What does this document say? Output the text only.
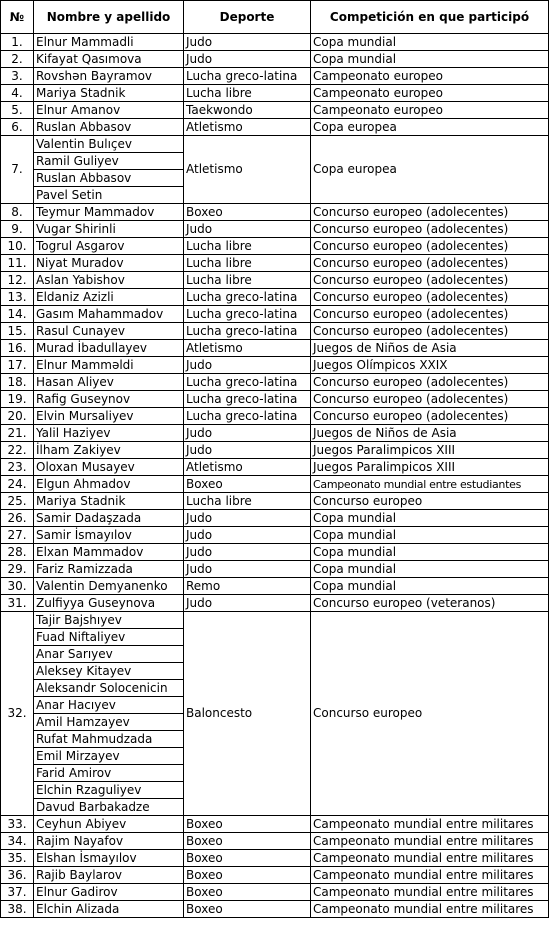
№	Nombre y apellido	Deporte	Competición en que participó
1.	Elnur Mammadli	Judo	Copa mundial
2.	Kifayat Qasımova	Judo	Copa mundial
3.	Rovshən Bayramov	Lucha greco-latina	Campeonato europeo
4.	Mariya Stadnik	Lucha libre	Campeonato europeo
5.	Elnur Amanov	Taekwondo	Campeonato europeo
6.	Ruslan Abbasov	Atletismo	Copa europea
7.	Valentin Bulıçev	Atletismo	Copa europea
	Ramil Guliyev		
	Ruslan Abbasov		
	Pavel Setin		
8.	Teymur Mammadov	Boxeo	Concurso europeo (adolecentes)
9.	Vugar Shirinli	Judo	Concurso europeo (adolecentes)
10.	Togrul Asgarov	Lucha libre	Concurso europeo (adolecentes)
11.	Niyat Muradov	Lucha libre	Concurso europeo (adolecentes)
12.	Aslan Yabishov	Lucha libre	Concurso europeo (adolecentes)
13.	Eldaniz Azizli	Lucha greco-latina	Concurso europeo (adolecentes)
14.	Gasım Mahammadov	Lucha greco-latina	Concurso europeo (adolecentes)
15.	Rasul Cunayev	Lucha greco-latina	Concurso europeo (adolecentes)
16.	Murad İbadullayev	Atletismo	Juegos de Niños de Asia
17.	Elnur Mamməldi	Judo	Juegos Olímpicos XXIX
18.	Hasan Aliyev	Lucha greco-latina	Concurso europeo (adolecentes)
19.	Rafig Guseynov	Lucha greco-latina	Concurso europeo (adolecentes)
20.	Elvin Mursaliyev	Lucha greco-latina	Concurso europeo (adolecentes)
21.	Yalil Haziyev	Judo	Juegos de Niños de Asia
22.	İlham Zakiyev	Judo	Juegos Paralimpicos XIII
23.	Oloxan Musayev	Atletismo	Juegos Paralimpicos XIII
24.	Elgun Ahmadov	Boxeo	Campeonato mundial entre estudiantes
25.	Mariya Stadnik	Lucha libre	Concurso europeo
26.	Samir Dadaşzada	Judo	Copa mundial
27.	Samir İsmayılov	Judo	Copa mundial
28.	Elxan Mammadov	Judo	Copa mundial
29.	Fariz Ramizzada	Judo	Copa mundial
30.	Valentin Demyanenko	Remo	Copa mundial
31.	Zulfiyya Guseynova	Judo	Concurso europeo (veteranos)
32.	Tajir Bajshıyev	Baloncesto	Concurso europeo
	Fuad Niftaliyev		
	Anar Sarıyev		
	Aleksey Kitayev		
	Aleksandr Solocenicin		
	Anar Hacıyev		
	Amil Hamzayev		
	Rufat Mahmudzada		
	Emil Mirzayev		
	Farid Amirov		
	Elchin Rzaguliyev		
	Davud Barbakadze		
33.	Ceyhun Abiyev	Boxeo	Campeonato mundial entre militares
34.	Rajim Nayafov	Boxeo	Campeonato mundial entre militares
35.	Elshan İsmayılov	Boxeo	Campeonato mundial entre militares
36.	Rajib Baylarov	Boxeo	Campeonato mundial entre militares
37.	Elnur Gadirov	Boxeo	Campeonato mundial entre militares
38.	Elchin Alizada	Boxeo	Campeonato mundial entre militares
